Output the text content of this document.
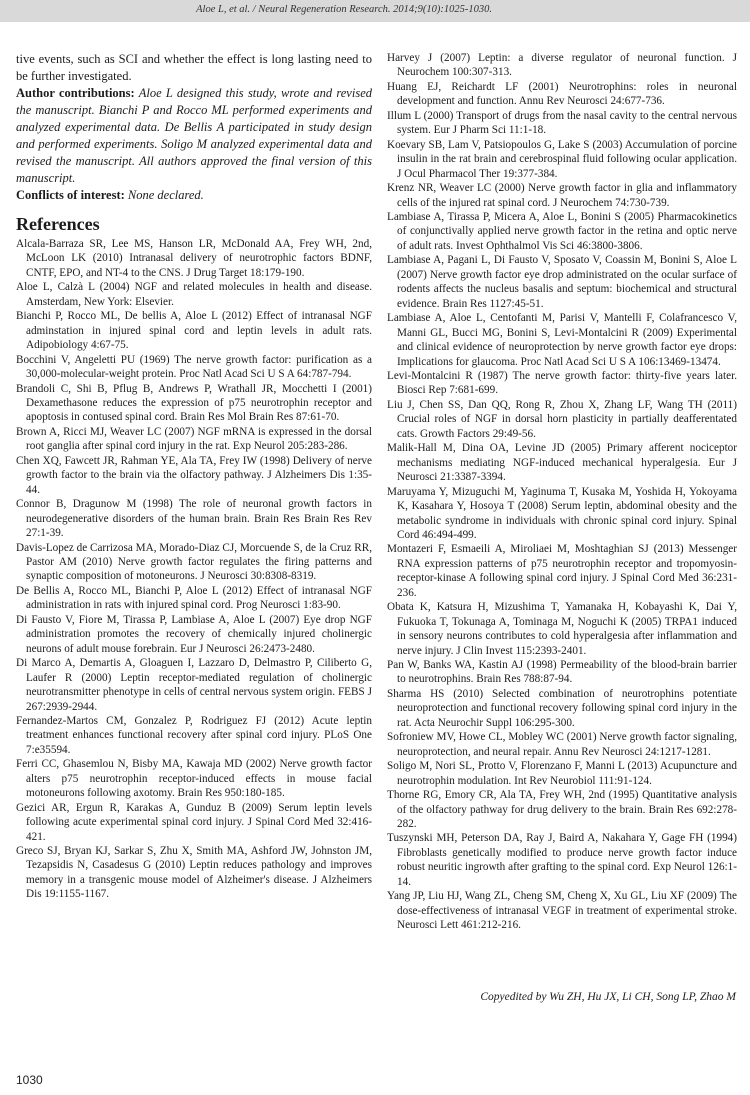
Aloe L, et al. / Neural Regeneration Research. 2014;9(10):1025-1030.

tive events, such as SCI and whether the effect is long lasting need to be further investigated.

Author contributions: Aloe L designed this study, wrote and revised the manuscript. Bianchi P and Rocco ML performed experiments and analyzed experimental data. De Bellis A participated in study design and performed experiments. Soligo M analyzed experimental data and revised the manuscript. All authors approved the final version of this manuscript.

Conflicts of interest: None declared.

References

Alcala-Barraza SR, Lee MS, Hanson LR, McDonald AA, Frey WH, 2nd, McLoon LK (2010) Intranasal delivery of neurotrophic factors BDNF, CNTF, EPO, and NT-4 to the CNS. J Drug Target 18:179-190.

Aloe L, Calzà L (2004) NGF and related molecules in health and disease. Amsterdam, New York: Elsevier.

Bianchi P, Rocco ML, De bellis A, Aloe L (2012) Effect of intranasal NGF adminstation in injured spinal cord and leptin levels in adult rats. Adipobiology 4:67-75.

Bocchini V, Angeletti PU (1969) The nerve growth factor: purification as a 30,000-molecular-weight protein. Proc Natl Acad Sci U S A 64:787-794.

Brandoli C, Shi B, Pflug B, Andrews P, Wrathall JR, Mocchetti I (2001) Dexamethasone reduces the expression of p75 neurotrophin receptor and apoptosis in contused spinal cord. Brain Res Mol Brain Res 87:61-70.

Brown A, Ricci MJ, Weaver LC (2007) NGF mRNA is expressed in the dorsal root ganglia after spinal cord injury in the rat. Exp Neurol 205:283-286.

Chen XQ, Fawcett JR, Rahman YE, Ala TA, Frey IW (1998) Delivery of nerve growth factor to the brain via the olfactory pathway. J Alzheimers Dis 1:35-44.

Connor B, Dragunow M (1998) The role of neuronal growth factors in neurodegenerative disorders of the human brain. Brain Res Brain Res Rev 27:1-39.

Davis-Lopez de Carrizosa MA, Morado-Diaz CJ, Morcuende S, de la Cruz RR, Pastor AM (2010) Nerve growth factor regulates the firing patterns and synaptic composition of motoneurons. J Neurosci 30:8308-8319.

De Bellis A, Rocco ML, Bianchi P, Aloe L (2012) Effect of intranasal NGF administration in rats with injured spinal cord. Prog Neurosci 1:83-90.

Di Fausto V, Fiore M, Tirassa P, Lambiase A, Aloe L (2007) Eye drop NGF administration promotes the recovery of chemically injured cholinergic neurons of adult mouse forebrain. Eur J Neurosci 26:2473-2480.

Di Marco A, Demartis A, Gloaguen I, Lazzaro D, Delmastro P, Ciliberto G, Laufer R (2000) Leptin receptor-mediated regulation of cholinergic neurotransmitter phenotype in cells of central nervous system origin. FEBS J 267:2939-2944.

Fernandez-Martos CM, Gonzalez P, Rodriguez FJ (2012) Acute leptin treatment enhances functional recovery after spinal cord injury. PLoS One 7:e35594.

Ferri CC, Ghasemlou N, Bisby MA, Kawaja MD (2002) Nerve growth factor alters p75 neurotrophin receptor-induced effects in mouse facial motoneurons following axotomy. Brain Res 950:180-185.

Gezici AR, Ergun R, Karakas A, Gunduz B (2009) Serum leptin levels following acute experimental spinal cord injury. J Spinal Cord Med 32:416-421.

Greco SJ, Bryan KJ, Sarkar S, Zhu X, Smith MA, Ashford JW, Johnston JM, Tezapsidis N, Casadesus G (2010) Leptin reduces pathology and improves memory in a transgenic mouse model of Alzheimer's disease. J Alzheimers Dis 19:1155-1167.

Harvey J (2007) Leptin: a diverse regulator of neuronal function. J Neurochem 100:307-313.

Huang EJ, Reichardt LF (2001) Neurotrophins: roles in neuronal development and function. Annu Rev Neurosci 24:677-736.

Illum L (2000) Transport of drugs from the nasal cavity to the central nervous system. Eur J Pharm Sci 11:1-18.

Koevary SB, Lam V, Patsiopoulos G, Lake S (2003) Accumulation of porcine insulin in the rat brain and cerebrospinal fluid following ocular application. J Ocul Pharmacol Ther 19:377-384.

Krenz NR, Weaver LC (2000) Nerve growth factor in glia and inflammatory cells of the injured rat spinal cord. J Neurochem 74:730-739.

Lambiase A, Tirassa P, Micera A, Aloe L, Bonini S (2005) Pharmacokinetics of conjunctivally applied nerve growth factor in the retina and optic nerve of adult rats. Invest Ophthalmol Vis Sci 46:3800-3806.

Lambiase A, Pagani L, Di Fausto V, Sposato V, Coassin M, Bonini S, Aloe L (2007) Nerve growth factor eye drop administrated on the ocular surface of rodents affects the nucleus basalis and septum: biochemical and structural evidence. Brain Res 1127:45-51.

Lambiase A, Aloe L, Centofanti M, Parisi V, Mantelli F, Colafrancesco V, Manni GL, Bucci MG, Bonini S, Levi-Montalcini R (2009) Experimental and clinical evidence of neuroprotection by nerve growth factor eye drops: Implications for glaucoma. Proc Natl Acad Sci U S A 106:13469-13474.

Levi-Montalcini R (1987) The nerve growth factor: thirty-five years later. Biosci Rep 7:681-699.

Liu J, Chen SS, Dan QQ, Rong R, Zhou X, Zhang LF, Wang TH (2011) Crucial roles of NGF in dorsal horn plasticity in partially deafferentated cats. Growth Factors 29:49-56.

Malik-Hall M, Dina OA, Levine JD (2005) Primary afferent nociceptor mechanisms mediating NGF-induced mechanical hyperalgesia. Eur J Neurosci 21:3387-3394.

Maruyama Y, Mizuguchi M, Yaginuma T, Kusaka M, Yoshida H, Yokoyama K, Kasahara Y, Hosoya T (2008) Serum leptin, abdominal obesity and the metabolic syndrome in individuals with chronic spinal cord injury. Spinal Cord 46:494-499.

Montazeri F, Esmaeili A, Miroliaei M, Moshtaghian SJ (2013) Messenger RNA expression patterns of p75 neurotrophin receptor and tropomyosin-receptor-kinase A following spinal cord injury. J Spinal Cord Med 36:231-236.

Obata K, Katsura H, Mizushima T, Yamanaka H, Kobayashi K, Dai Y, Fukuoka T, Tokunaga A, Tominaga M, Noguchi K (2005) TRPA1 induced in sensory neurons contributes to cold hyperalgesia after inflammation and nerve injury. J Clin Invest 115:2393-2401.

Pan W, Banks WA, Kastin AJ (1998) Permeability of the blood-brain barrier to neurotrophins. Brain Res 788:87-94.

Sharma HS (2010) Selected combination of neurotrophins potentiate neuroprotection and functional recovery following spinal cord injury in the rat. Acta Neurochir Suppl 106:295-300.

Sofroniew MV, Howe CL, Mobley WC (2001) Nerve growth factor signaling, neuroprotection, and neural repair. Annu Rev Neurosci 24:1217-1281.

Soligo M, Nori SL, Protto V, Florenzano F, Manni L (2013) Acupuncture and neurotrophin modulation. Int Rev Neurobiol 111:91-124.

Thorne RG, Emory CR, Ala TA, Frey WH, 2nd (1995) Quantitative analysis of the olfactory pathway for drug delivery to the brain. Brain Res 692:278-282.

Tuszynski MH, Peterson DA, Ray J, Baird A, Nakahara Y, Gage FH (1994) Fibroblasts genetically modified to produce nerve growth factor induce robust neuritic ingrowth after grafting to the spinal cord. Exp Neurol 126:1-14.

Yang JP, Liu HJ, Wang ZL, Cheng SM, Cheng X, Xu GL, Liu XF (2009) The dose-effectiveness of intranasal VEGF in treatment of experimental stroke. Neurosci Lett 461:212-216.

Copyedited by Wu ZH, Hu JX, Li CH, Song LP, Zhao M
1030
